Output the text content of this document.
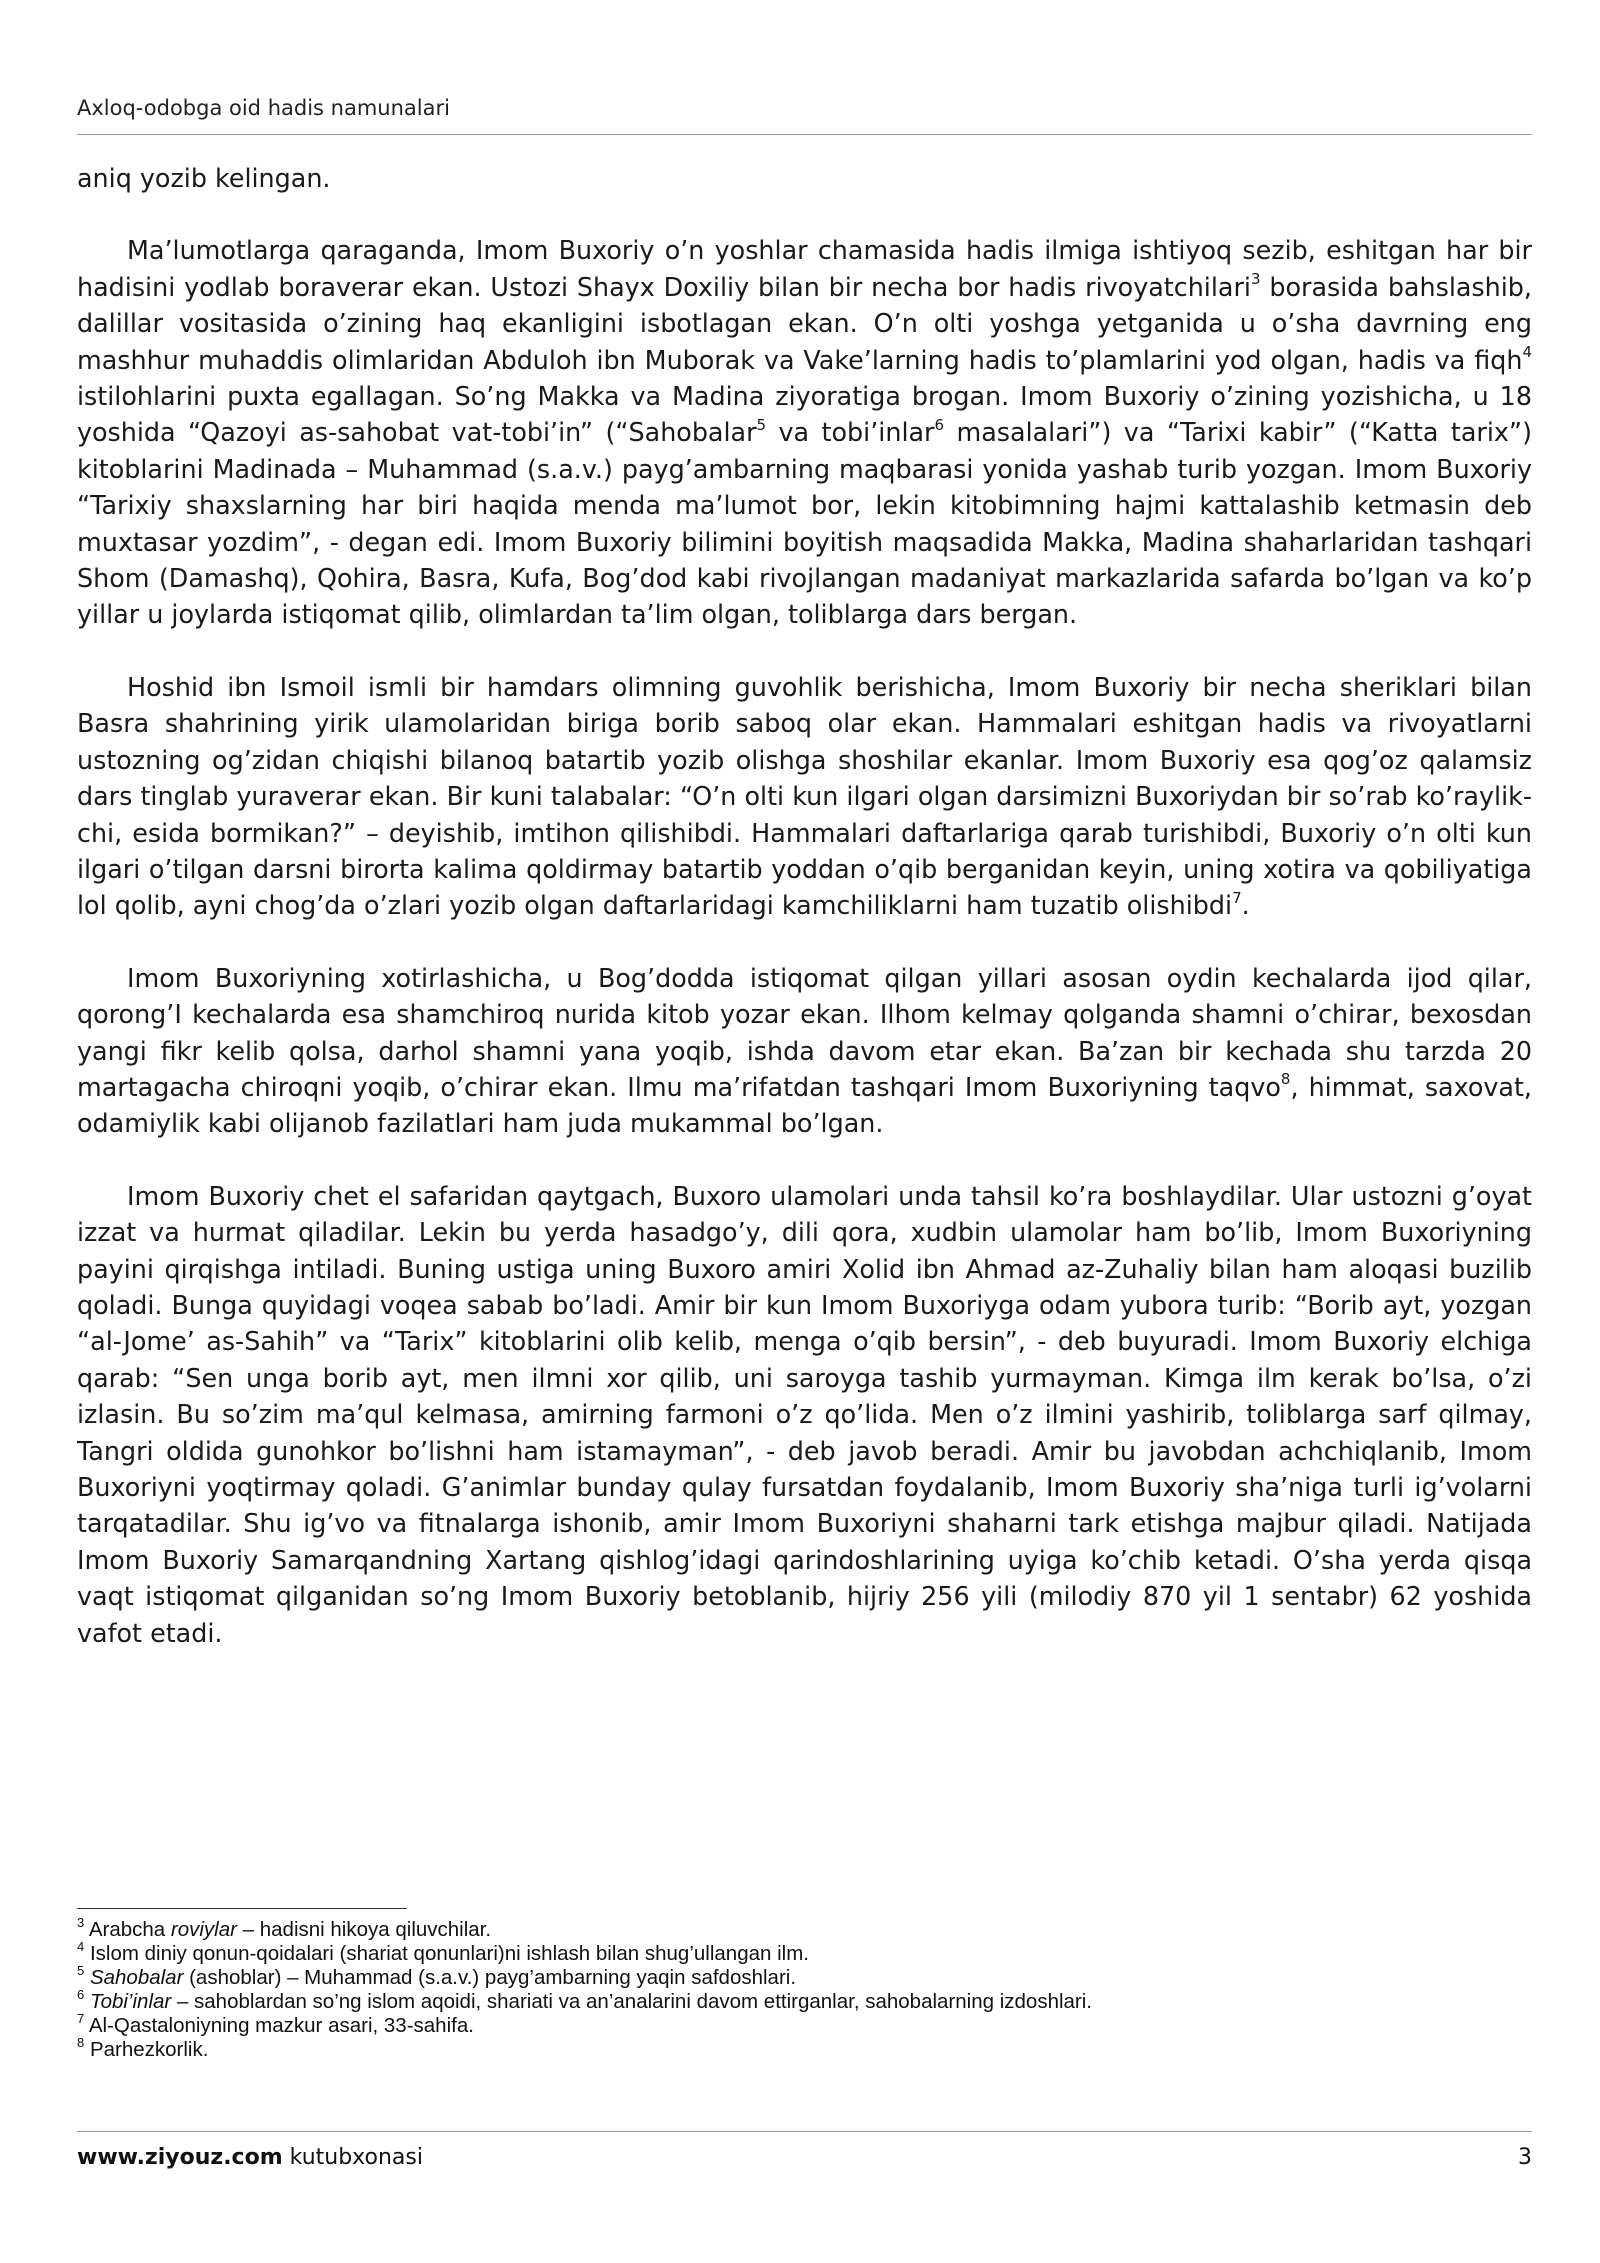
Axloq-odobga oid hadis namunalari

aniq yozib kelingan.

Ma’lumotlarga qaraganda, Imom Buxoriy o’n yoshlar chamasida hadis ilmiga ishtiyoq sezib, eshitgan har bir hadisini yodlab boraverar ekan. Ustozi Shayx Doxiliy bilan bir necha bor hadis rivoyatchilari$^3$ borasida bahslashib, dalillar vositasida o’zining haq ekanligini isbotlagan ekan. O’n olti yoshga yetganida u o’sha davrning eng mashhur muhaddis olimlaridan Abduloh ibn Muborak va Vake’larning hadis to’plamlarini yod olgan, hadis va fiqh$^4$ istilohlarini puxta egallagan. So’ng Makka va Madina ziyoratiga brogan. Imom Buxoriy o’zining yozishicha, u 18 yoshida “Qazoyi as-sahobat vat-tobi’in” (“Sahobalar$^5$ va tobi’inlar$^6$ masalalari”) va “Tarixi kabir” (“Katta tarix”) kitoblarini Madinada – Muhammad (s.a.v.) payg’ambarning maqbarasi yonida yashab turib yozgan. Imom Buxoriy “Tarixiy shaxslarning har biri haqida menda ma’lumot bor, lekin kitobimning hajmi kattalashib ketmasin deb muxtasar yozdim”, - degan edi. Imom Buxoriy bilimini boyitish maqsadida Makka, Madina shaharlaridan tashqari Shom (Damashq), Qohira, Basra, Kufa, Bog’dod kabi rivojlangan madaniyat markazlarida safarda bo’lgan va ko’p yillar u joylarda istiqomat qilib, olimlardan ta’lim olgan, toliblarga dars bergan.

Hoshid ibn Ismoil ismli bir hamdars olimning guvohlik berishicha, Imom Buxoriy bir necha sheriklari bilan Basra shahrining yirik ulamolaridan biriga borib saboq olar ekan. Hammalari eshitgan hadis va rivoyatlarni ustozning og’zidan chiqishi bilanoq batartib yozib olishga shoshilar ekanlar. Imom Buxoriy esa qog’oz qalamsiz dars tinglab yuraverar ekan. Bir kuni talabalar: “O’n olti kun ilgari olgan darsimizni Buxoriydan bir so’rab ko’raylik-chi, esida bormikan?” – deyishib, imtihon qilishibdi. Hammalari daftarlariga qarab turishibdi, Buxoriy o’n olti kun ilgari o’tilgan darsni birorta kalima qoldirmay batartib yoddan o’qib berganidan keyin, uning xotira va qobiliyatiga lol qolib, ayni chog’da o’zlari yozib olgan daftarlaridagi kamchiliklarni ham tuzatib olishibdi$^7$.

Imom Buxoriyning xotirlashicha, u Bog’dodda istiqomat qilgan yillari asosan oydin kechalarda ijod qilar, qorong’I kechalarda esa shamchiroq nurida kitob yozar ekan. Ilhom kelmay qolganda shamni o’chirar, bexosdan yangi fikr kelib qolsa, darhol shamni yana yoqib, ishda davom etar ekan. Ba’zan bir kechada shu tarzda 20 martagacha chiroqni yoqib, o’chirar ekan. Ilmu ma’rifatdan tashqari Imom Buxoriyning taqvo$^8$, himmat, saxovat, odamiylik kabi olijanob fazilatlari ham juda mukammal bo’lgan.

Imom Buxoriy chet el safaridan qaytgach, Buxoro ulamolari unda tahsil ko’ra boshlaydilar. Ular ustozni g’oyat izzat va hurmat qiladilar. Lekin bu yerda hasadgo’y, dili qora, xudbin ulamolar ham bo’lib, Imom Buxoriyning payini qirqishga intiladi. Buning ustiga uning Buxoro amiri Xolid ibn Ahmad az-Zuhaliy bilan ham aloqasi buzilib qoladi. Bunga quyidagi voqea sabab bo’ladi. Amir bir kun Imom Buxoriyga odam yubora turib: “Borib ayt, yozgan “al-Jome’ as-Sahih” va “Tarix” kitoblarini olib kelib, menga o’qib bersin”, - deb buyuradi. Imom Buxoriy elchiga qarab: “Sen unga borib ayt, men ilmni xor qilib, uni saroyga tashib yurmayman. Kimga ilm kerak bo’lsa, o’zi izlasin. Bu so’zim ma’qul kelmasa, amirning farmoni o’z qo’lida. Men o’z ilmini yashirib, toliblarga sarf qilmay, Tangri oldida gunohkor bo’lishni ham istamayman”, - deb javob beradi. Amir bu javobdan achchiqlanib, Imom Buxoriyni yoqtirmay qoladi. G’animlar bunday qulay fursatdan foydalanib, Imom Buxoriy sha’niga turli ig’volarni tarqatadilar. Shu ig’vo va fitnalarga ishonib, amir Imom Buxoriyni shaharni tark etishga majbur qiladi. Natijada Imom Buxoriy Samarqandning Xartang qishlog’idagi qarindoshlarining uyiga ko’chib ketadi. O’sha yerda qisqa vaqt istiqomat qilganidan so’ng Imom Buxoriy betoblanib, hijriy 256 yili (milodiy 870 yil 1 sentabr) 62 yoshida vafot etadi.

$^3$ Arabcha roviylar – hadisni hikoya qiluvchilar.
$^4$ Islom diniy qonun-qoidalari (shariat qonunlari)ni ishlash bilan shug’ullangan ilm.
$^5$ Sahobalar (ashoblar) – Muhammad (s.a.v.) payg’ambarning yaqin safdoshlari.
$^6$ Tobi’inlar – sahoblardan so’ng islom aqoidi, shariati va an’analarini davom ettirganlar, sahobalarning izdoshlari.
$^7$ Al-Qastaloniyning mazkur asari, 33-sahifa.
$^8$ Parhezkorlik.
www.ziyouz.com kutubxonasi	3
